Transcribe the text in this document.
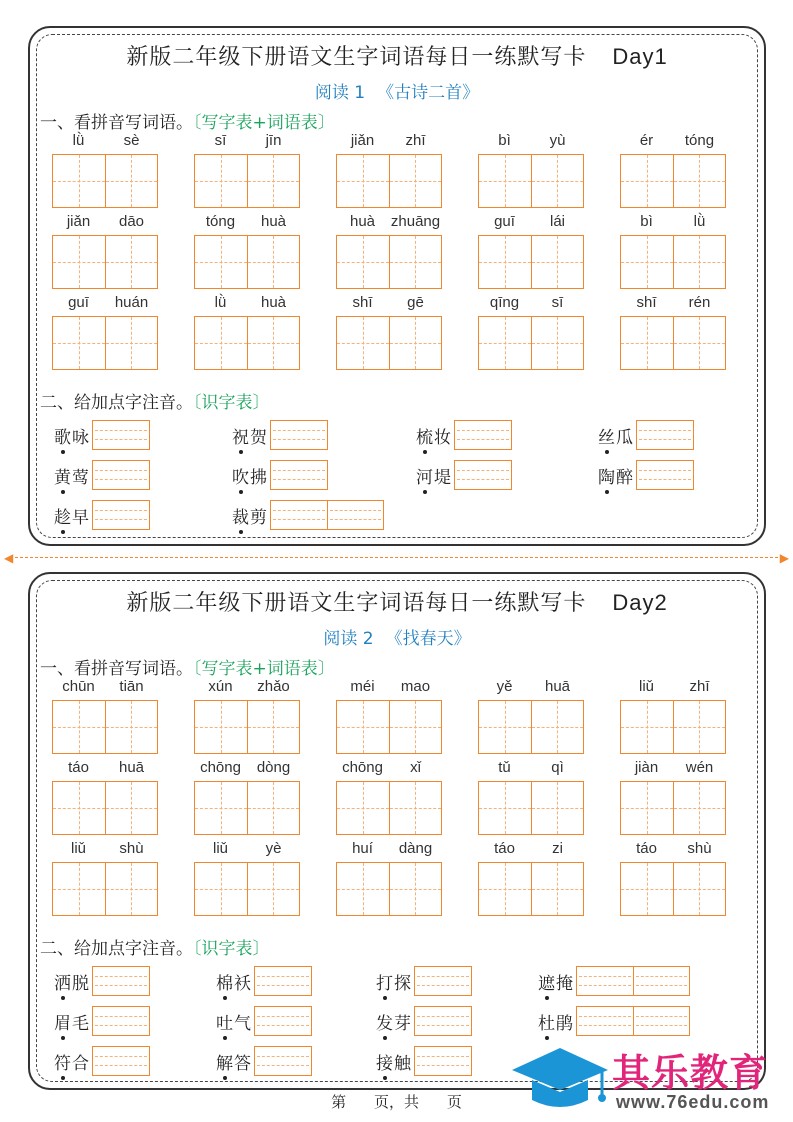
新版二年级下册语文生字词语每日一练默写卡 Day1
阅读 1 《古诗二首》
一、看拼音写词语。〔写字表+词语表〕
二、给加点字注音。〔识字表〕
lǜ	sè	sī	jīn	jiǎn	zhī	bì	yù	ér	tóng
jiǎn	dāo	tóng	huà	huà	zhuāng	guī	lái	bì	lǜ
guī	huán	lǜ	huà	shī	gē	qīng	sī	shī	rén
歌咏	祝贺	梳妆	丝瓜
黄莺	吹拂	河堤	陶醉
趁早	裁剪
◀	▶
新版二年级下册语文生字词语每日一练默写卡 Day2
阅读 2 《找春天》
一、看拼音写词语。〔写字表+词语表〕
二、给加点字注音。〔识字表〕
chūn	tiān	xún	zhǎo	méi	mao	yě	huā	liǔ	zhī
táo	huā	chōng	dòng	chōng	xǐ	tǔ	qì	jiàn	wén
liǔ	shù	liǔ	yè	huí	dàng	táo	zi	táo	shù
洒脱	棉袄	打探	遮掩
眉毛	吐气	发芽	杜鹃
符合	解答	接触
第 页，共 页
其乐教育
www.76edu.com
